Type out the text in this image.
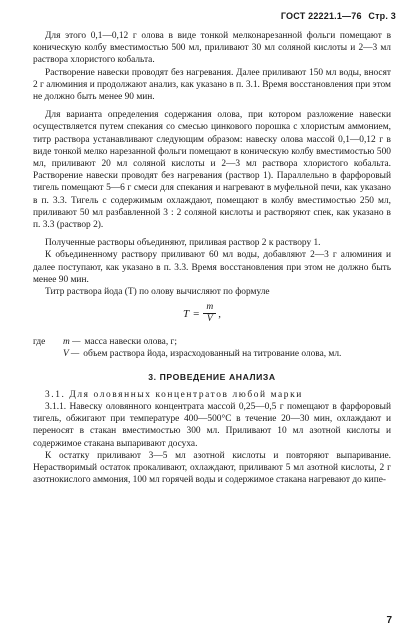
ГОСТ 22221.1—76 Стр. 3

Для этого 0,1—0,12 г олова в виде тонкой мелконарезанной фольги помещают в коническую колбу вместимостью 500 мл, приливают 30 мл соляной кислоты и 2—3 мл раствора хлористого кобальта.

Растворение навески проводят без нагревания. Далее приливают 150 мл воды, вносят 2 г алюминия и продолжают анализ, как указано в п. 3.1. Время восстановления при этом не должно быть менее 90 мин.

Для варианта определения содержания олова, при котором разложение навески осуществляется путем спекания со смесью цинкового порошка с хлористым аммонием, титр раствора устанавливают следующим образом: навеску олова массой 0,1—0,12 г в виде тонкой мелко нарезанной фольги помещают в коническую колбу вместимостью 500 мл, приливают 20 мл соляной кислоты и 2—3 мл раствора хлористого кобальта. Растворение навески проводят без нагревания (раствор 1). Параллельно в фарфоровый тигель помещают 5—6 г смеси для спекания и нагревают в муфельной печи, как указано в п. 3.3. Тигель с содержимым охлаждают, помещают в колбу вместимостью 250 мл, приливают 50 мл разбавленной 3 : 2 соляной кислоты и растворяют спек, как указано в п. 3.3 (раствор 2).

Полученные растворы объединяют, приливая раствор 2 к раствору 1.

К объединенному раствору приливают 60 мл воды, добавляют 2—3 г алюминия и далее поступают, как указано в п. 3.3. Время восстановления при этом не должно быть менее 90 мин.

Титр раствора йода (T) по олову вычисляют по формуле

$T = \frac{m}{V}$ ,
где	m — масса навески олова, г;
V — объем раствора йода, израсходованный на титрование олова, мл.
3. ПРОВЕДЕНИЕ АНАЛИЗА

3.1. Для оловянных концентратов любой марки

3.1.1. Навеску оловянного концентрата массой 0,25—0,5 г помещают в фарфоровый тигель, обжигают при температуре 400—500°С в течение 20—30 мин, охлаждают и переносят в стакан вместимостью 300 мл. Приливают 10 мл азотной кислоты и содержимое стакана выпаривают досуха.

К остатку приливают 3—5 мл азотной кислоты и повторяют выпаривание. Нерастворимый остаток прокаливают, охлаждают, приливают 5 мл азотной кислоты, 2 г азотнокислого аммония, 100 мл горячей воды и содержимое стакана нагревают до кипе-

7
